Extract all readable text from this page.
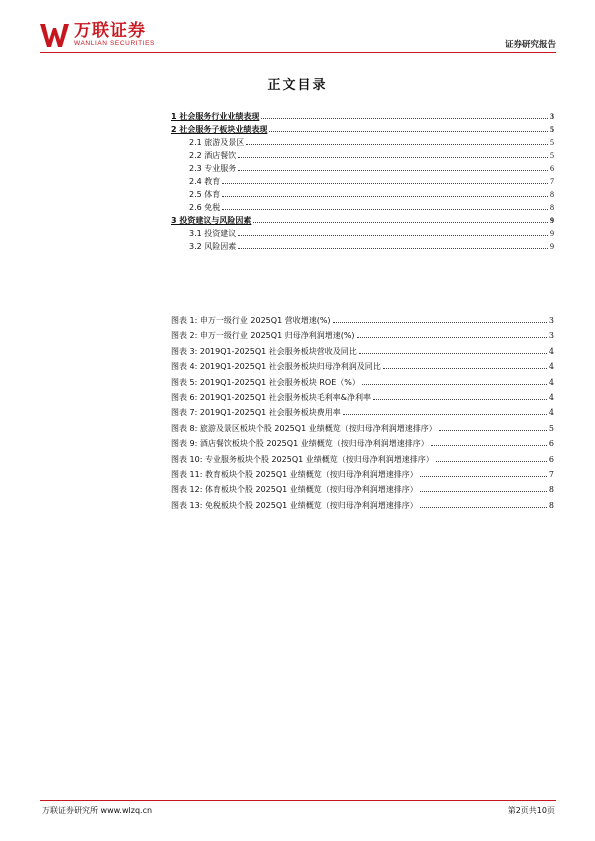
万联证券
WANLIAN SECURITIES	证券研究报告
正文目录
1 社会服务行业业绩表现	3
2 社会服务子板块业绩表现	5
2.1 旅游及景区	5
2.2 酒店餐饮	5
2.3 专业服务	6
2.4 教育	7
2.5 体育	8
2.6 免税	8
3 投资建议与风险因素	9
3.1 投资建议	9
3.2 风险因素	9
图表 1: 申万一级行业 2025Q1 营收增速(%)	3
图表 2: 申万一级行业 2025Q1 归母净利润增速(%)	3
图表 3: 2019Q1-2025Q1 社会服务板块营收及同比	4
图表 4: 2019Q1-2025Q1 社会服务板块归母净利润及同比	4
图表 5: 2019Q1-2025Q1 社会服务板块 ROE（%）	4
图表 6: 2019Q1-2025Q1 社会服务板块毛利率&净利率	4
图表 7: 2019Q1-2025Q1 社会服务板块费用率	4
图表 8: 旅游及景区板块个股 2025Q1 业绩概览（按归母净利润增速排序）	5
图表 9: 酒店餐饮板块个股 2025Q1 业绩概览（按归母净利润增速排序）	6
图表 10: 专业服务板块个股 2025Q1 业绩概览（按归母净利润增速排序）	6
图表 11: 教育板块个股 2025Q1 业绩概览（按归母净利润增速排序）	7
图表 12: 体育板块个股 2025Q1 业绩概览（按归母净利润增速排序）	8
图表 13: 免税板块个股 2025Q1 业绩概览（按归母净利润增速排序）	8
万联证券研究所 www.wlzq.cn	第2页共10页
